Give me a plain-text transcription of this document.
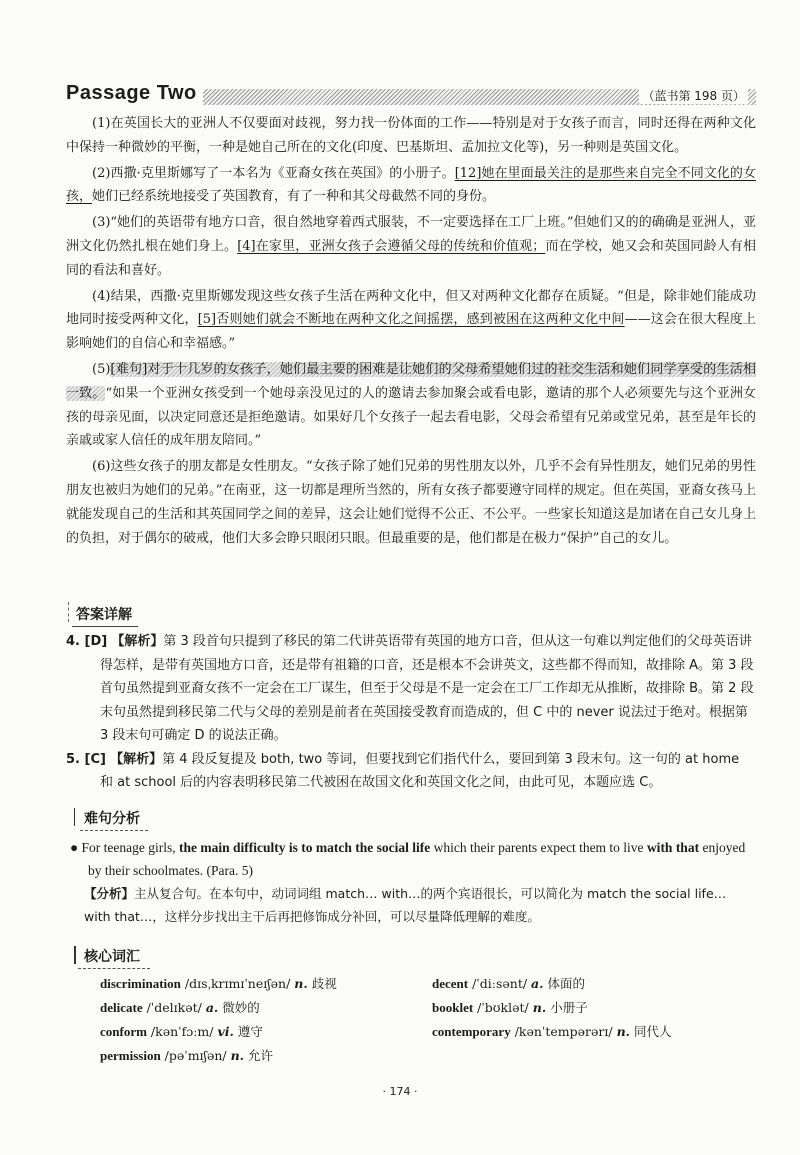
Passage Two	（蓝书第 198 页）

(1)在英国长大的亚洲人不仅要面对歧视，努力找一份体面的工作——特别是对于女孩子而言，同时还得在两种文化中保持一种微妙的平衡，一种是她自己所在的文化(印度、巴基斯坦、孟加拉文化等)，另一种则是英国文化。

(2)西撒·克里斯娜写了一本名为《亚裔女孩在英国》的小册子。[12]她在里面最关注的是那些来自完全不同文化的女孩，她们已经系统地接受了英国教育，有了一种和其父母截然不同的身份。

(3)“她们的英语带有地方口音，很自然地穿着西式服装，不一定要选择在工厂上班。”但她们又的的确确是亚洲人，亚洲文化仍然扎根在她们身上。[4]在家里，亚洲女孩子会遵循父母的传统和价值观；而在学校，她又会和英国同龄人有相同的看法和喜好。

(4)结果，西撒·克里斯娜发现这些女孩子生活在两种文化中，但又对两种文化都存在质疑。“但是，除非她们能成功地同时接受两种文化，[5]否则她们就会不断地在两种文化之间摇摆，感到被困在这两种文化中间——这会在很大程度上影响她们的自信心和幸福感。”

(5)[难句]对于十几岁的女孩子，她们最主要的困难是让她们的父母希望她们过的社交生活和她们同学享受的生活相一致。“如果一个亚洲女孩受到一个她母亲没见过的人的邀请去参加聚会或看电影，邀请的那个人必须要先与这个亚洲女孩的母亲见面，以决定同意还是拒绝邀请。如果好几个女孩子一起去看电影，父母会希望有兄弟或堂兄弟，甚至是年长的亲戚或家人信任的成年朋友陪同。”

(6)这些女孩子的朋友都是女性朋友。“女孩子除了她们兄弟的男性朋友以外，几乎不会有异性朋友，她们兄弟的男性朋友也被归为她们的兄弟。”在南亚，这一切都是理所当然的，所有女孩子都要遵守同样的规定。但在英国，亚裔女孩马上就能发现自己的生活和其英国同学之间的差异，这会让她们觉得不公正、不公平。一些家长知道这是加诸在自己女儿身上的负担，对于偶尔的破戒，他们大多会睁只眼闭只眼。但最重要的是，他们都是在极力“保护”自己的女儿。

答案详解

4. [D] 【解析】第 3 段首句只提到了移民的第二代讲英语带有英国的地方口音，但从这一句难以判定他们的父母英语讲得怎样，是带有英国地方口音，还是带有祖籍的口音，还是根本不会讲英文，这些都不得而知，故排除 A。第 3 段首句虽然提到亚裔女孩不一定会在工厂谋生，但至于父母是不是一定会在工厂工作却无从推断，故排除 B。第 2 段末句虽然提到移民第二代与父母的差别是前者在英国接受教育而造成的，但 C 中的 never 说法过于绝对。根据第 3 段末句可确定 D 的说法正确。

5. [C] 【解析】第 4 段反复提及 both, two 等词，但要找到它们指代什么，要回到第 3 段末句。这一句的 at home 和 at school 后的内容表明移民第二代被困在故国文化和英国文化之间，由此可见，本题应选 C。

难句分析

● For teenage girls, the main difficulty is to match the social life which their parents expect them to live with that enjoyed by their schoolmates. (Para. 5)

【分析】主从复合句。在本句中，动词词组 match… with…的两个宾语很长，可以简化为 match the social life… with that…，这样分步找出主干后再把修饰成分补回，可以尽量降低理解的难度。

核心词汇
discrimination /dɪsˌkrɪmɪˈneɪʃən/ n. 歧视	decent /ˈdiːsənt/ a. 体面的
delicate /ˈdelɪkət/ a. 微妙的	booklet /ˈbʊklət/ n. 小册子
conform /kənˈfɔːm/ vi. 遵守	contemporary /kənˈtempərərɪ/ n. 同代人
permission /pəˈmɪʃən/ n. 允许
· 174 ·
